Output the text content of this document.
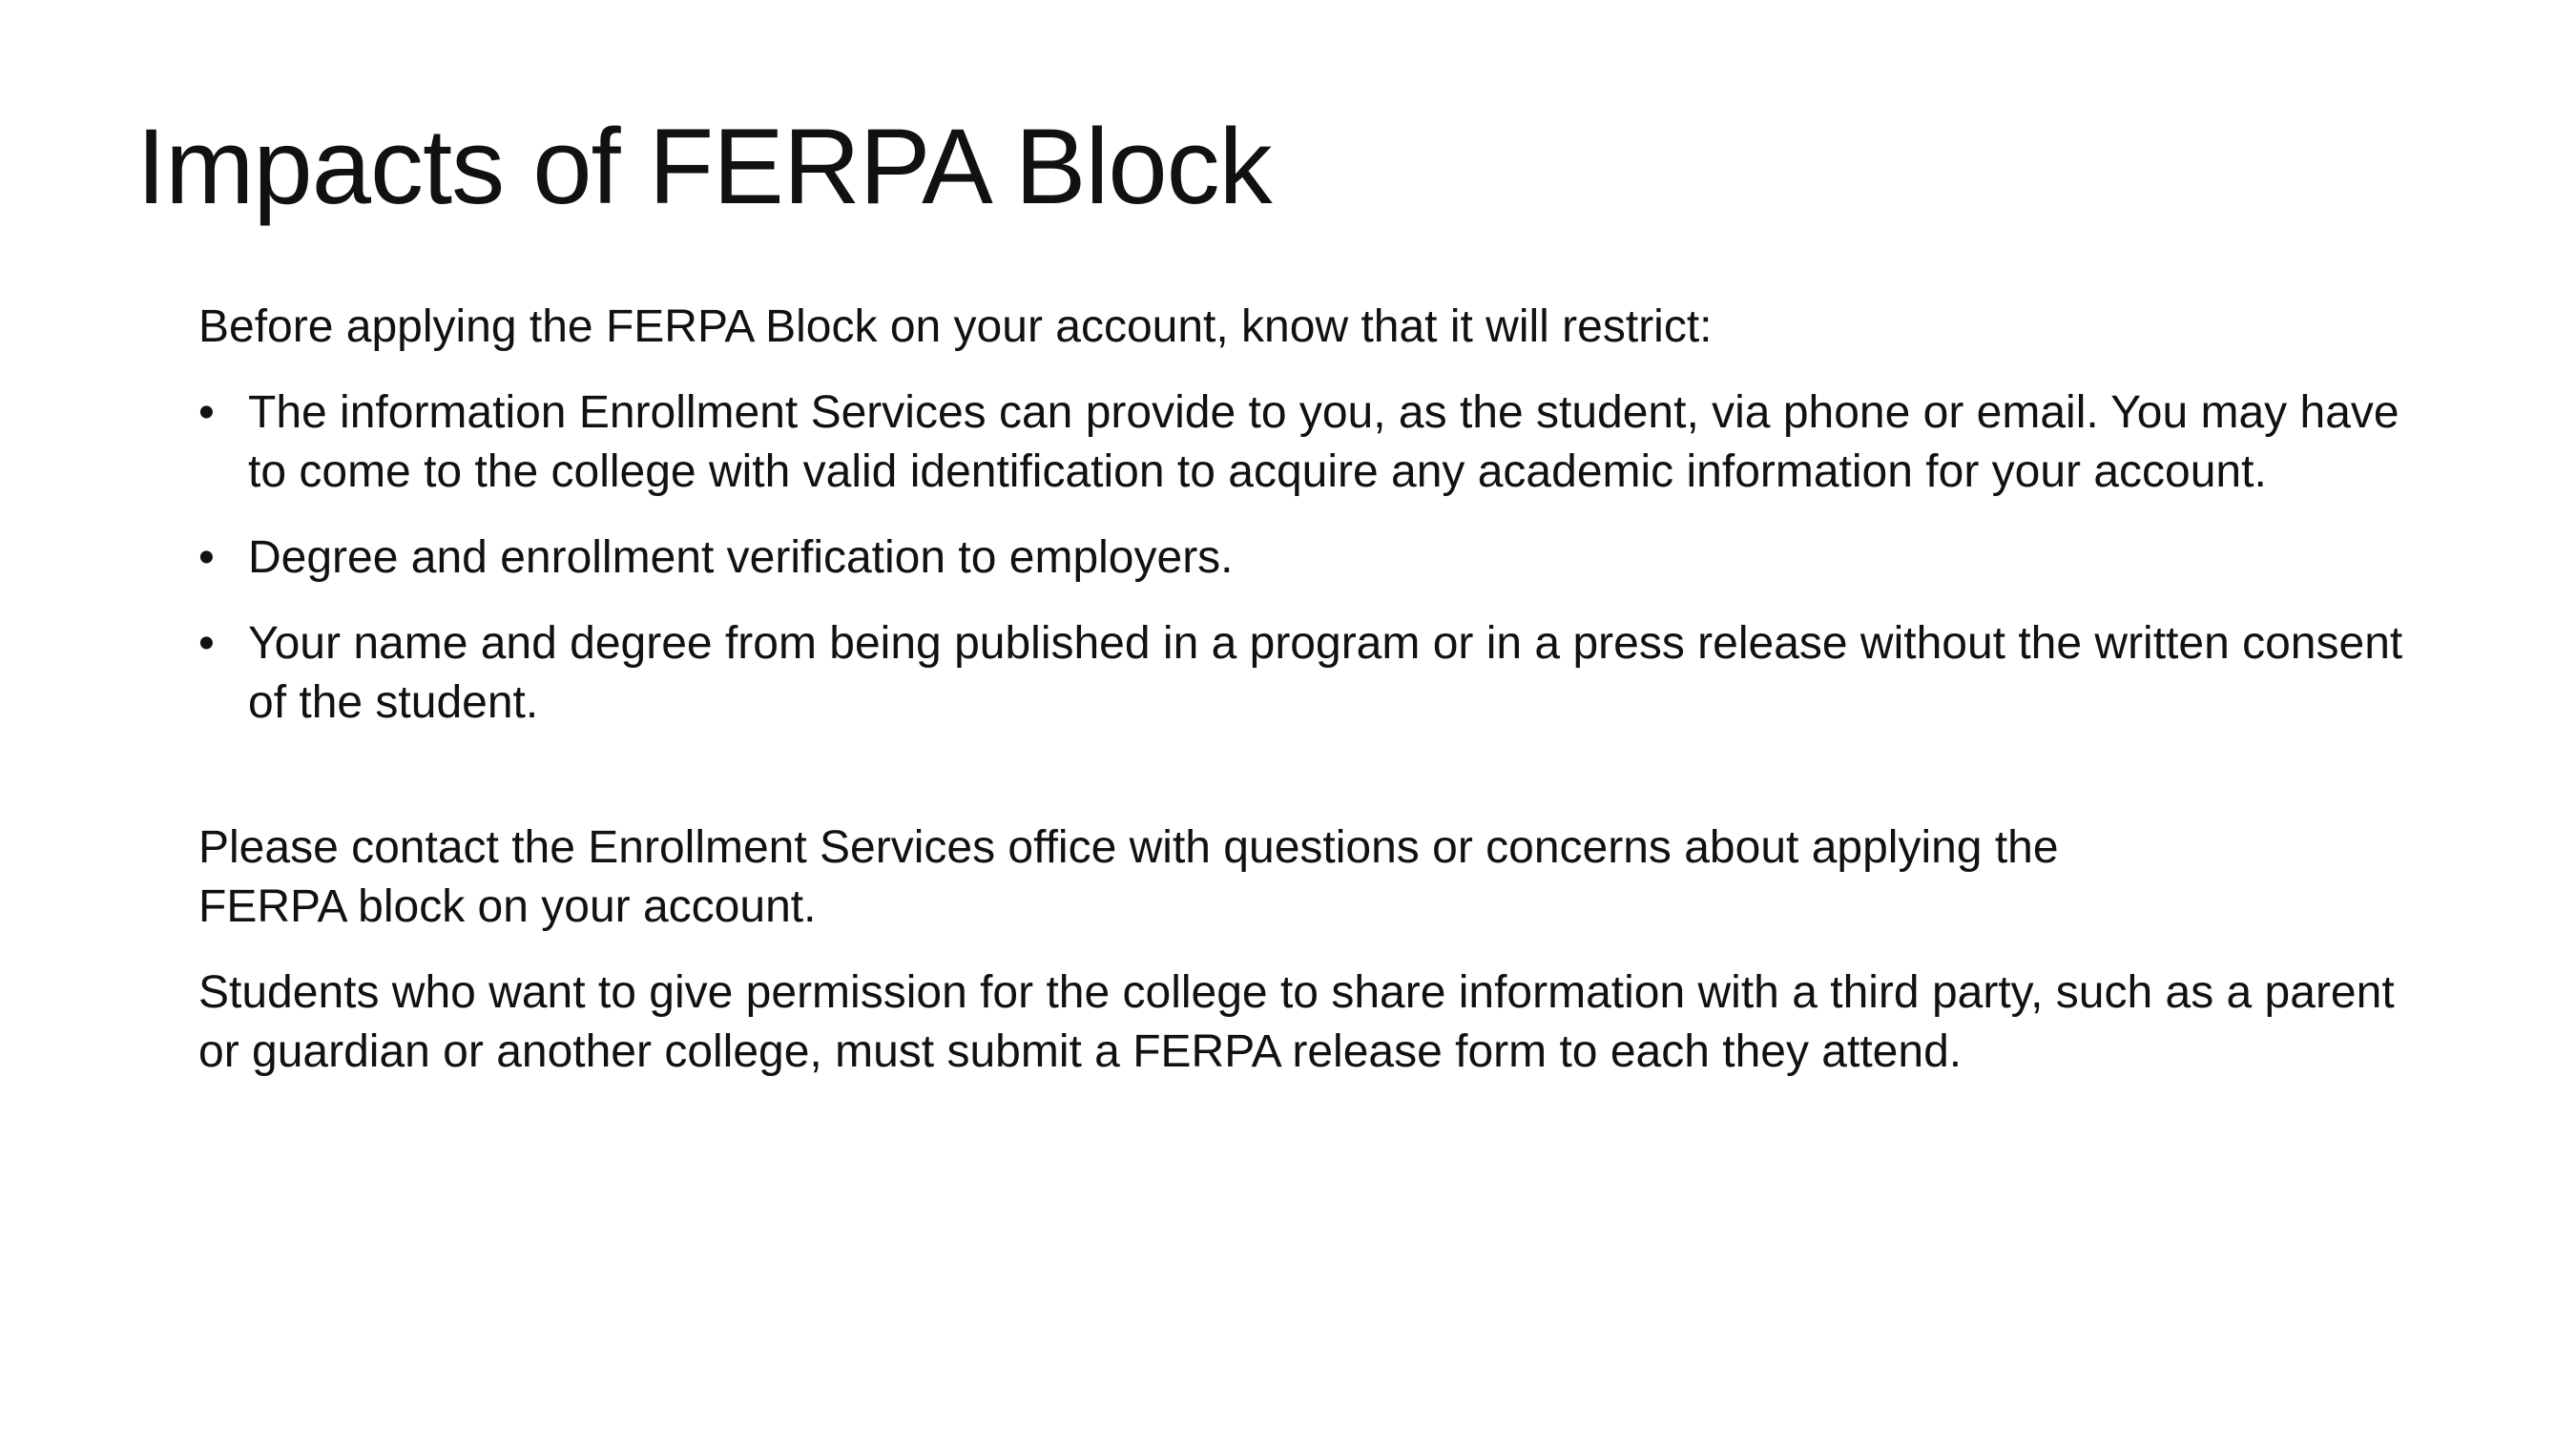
Impacts of FERPA Block

Before applying the FERPA Block on your account, know that it will restrict:

• The information Enrollment Services can provide to you, as the student, via phone or email. You may have to come to the college with valid identification to acquire any academic information for your account.
• Degree and enrollment verification to employers.
• Your name and degree from being published in a program or in a press release without the written consent of the student.

Please contact the Enrollment Services office with questions or concerns about applying the FERPA block on your account.

Students who want to give permission for the college to share information with a third party, such as a parent or guardian or another college, must submit a FERPA release form to each they attend.
